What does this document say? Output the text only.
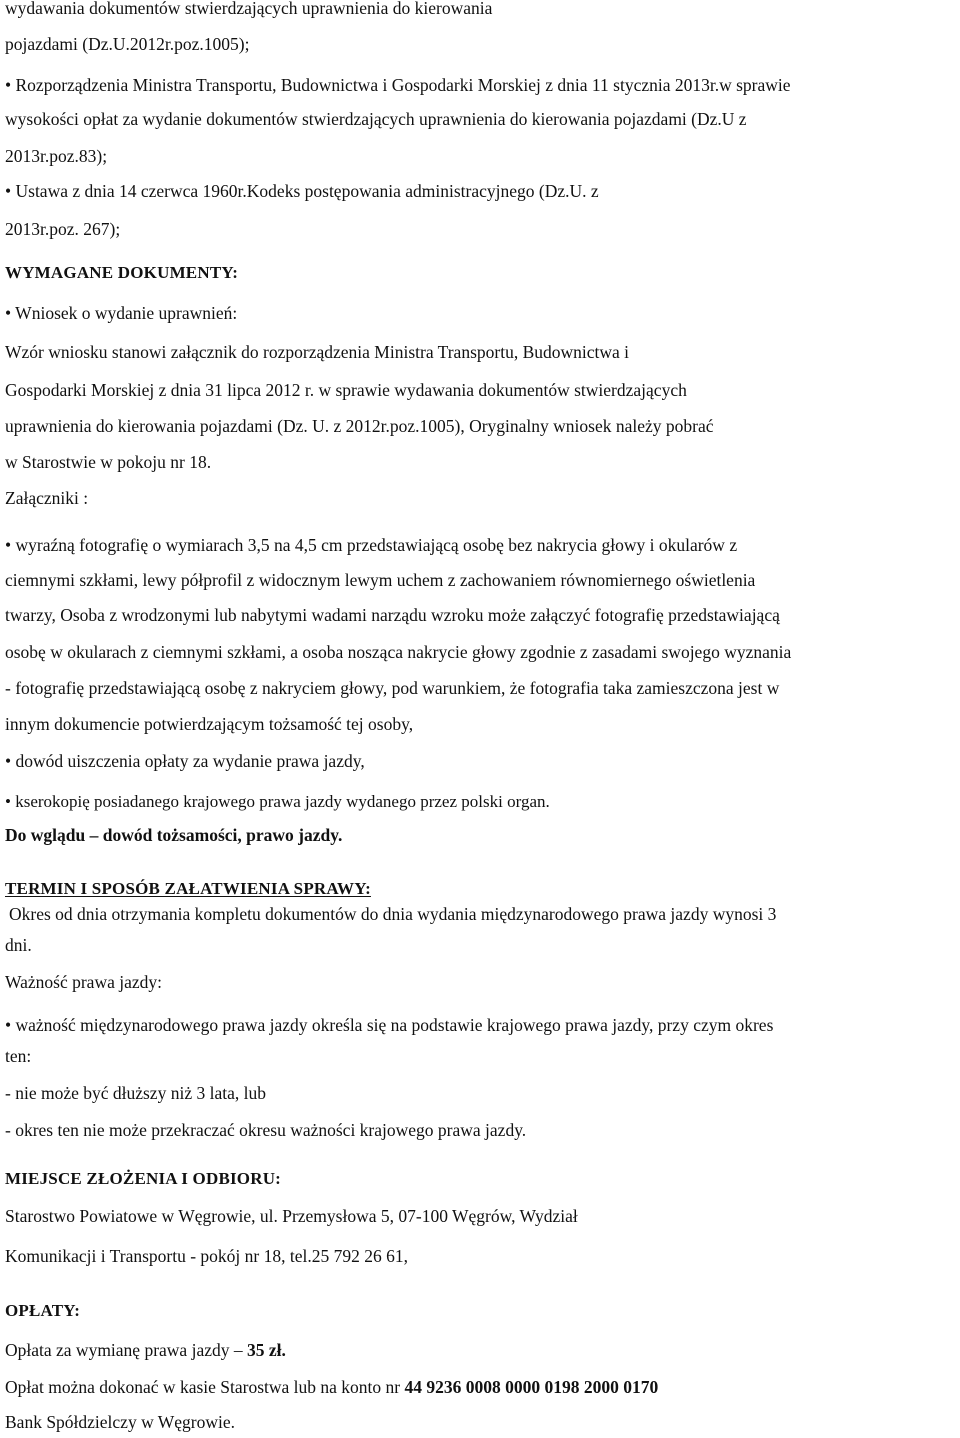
wydawania dokumentów stwierdzających uprawnienia do kierowania
pojazdami (Dz.U.2012r.poz.1005);
• Rozporządzenia Ministra Transportu, Budownictwa i Gospodarki Morskiej z dnia 11 stycznia 2013r.w sprawie
wysokości opłat za wydanie dokumentów stwierdzających uprawnienia do kierowania pojazdami (Dz.U z
2013r.poz.83);
• Ustawa z dnia 14 czerwca 1960r.Kodeks postępowania administracyjnego (Dz.U. z
2013r.poz. 267);
WYMAGANE DOKUMENTY:
• Wniosek o wydanie uprawnień:
Wzór wniosku stanowi załącznik do rozporządzenia Ministra Transportu, Budownictwa i
Gospodarki Morskiej z dnia 31 lipca 2012 r. w sprawie wydawania dokumentów stwierdzających
uprawnienia do kierowania pojazdami (Dz. U. z 2012r.poz.1005), Oryginalny wniosek należy pobrać
w Starostwie w pokoju nr 18.
Załączniki :
• wyraźną fotografię o wymiarach 3,5 na 4,5 cm przedstawiającą osobę bez nakrycia głowy i okularów z
ciemnymi szkłami, lewy półprofil z widocznym lewym uchem z zachowaniem równomiernego oświetlenia
twarzy, Osoba z wrodzonymi lub nabytymi wadami narządu wzroku może załączyć fotografię przedstawiającą
osobę w okularach z ciemnymi szkłami, a osoba nosząca nakrycie głowy zgodnie z zasadami swojego wyznania
- fotografię przedstawiającą osobę z nakryciem głowy, pod warunkiem, że fotografia taka zamieszczona jest w
innym dokumencie potwierdzającym tożsamość tej osoby,
• dowód uiszczenia opłaty za wydanie prawa jazdy,
• kserokopię posiadanego krajowego prawa jazdy wydanego przez polski organ.
Do wglądu – dowód tożsamości, prawo jazdy.
TERMIN I SPOSÓB ZAŁATWIENIA SPRAWY:
Okres od dnia otrzymania kompletu dokumentów do dnia wydania międzynarodowego prawa jazdy wynosi 3
dni.
Ważność prawa jazdy:
• ważność międzynarodowego prawa jazdy określa się na podstawie krajowego prawa jazdy, przy czym okres
ten:
- nie może być dłuższy niż 3 lata, lub
- okres ten nie może przekraczać okresu ważności krajowego prawa jazdy.
MIEJSCE ZŁOŻENIA I ODBIORU:
Starostwo Powiatowe w Węgrowie, ul. Przemysłowa 5, 07-100 Węgrów, Wydział
Komunikacji i Transportu - pokój nr 18, tel.25 792 26 61,
OPŁATY:
Opłata za wymianę prawa jazdy – 35 zł.
Opłat można dokonać w kasie Starostwa lub na konto nr 44 9236 0008 0000 0198 2000 0170
Bank Spółdzielczy w Węgrowie.
